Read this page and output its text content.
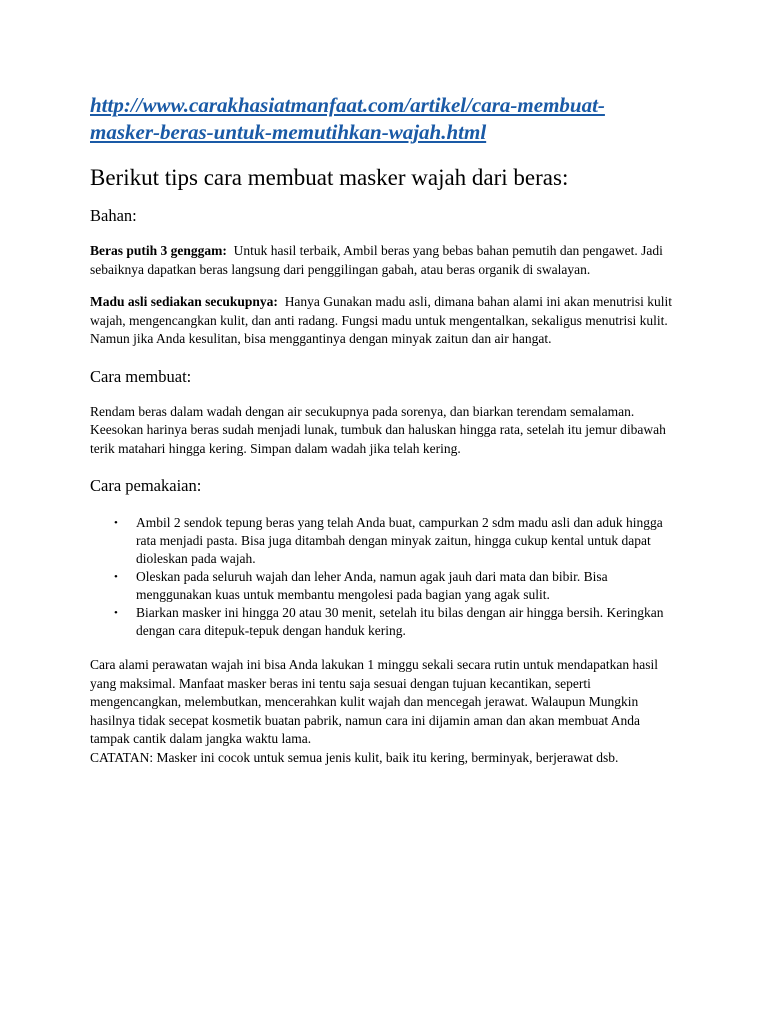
http://www.carakhasiatmanfaat.com/artikel/cara-membuat-
masker-beras-untuk-memutihkan-wajah.html
Berikut tips cara membuat masker wajah dari beras:
Bahan:

Beras putih 3 genggam:  Untuk hasil terbaik, Ambil beras yang bebas bahan pemutih dan pengawet. Jadi sebaiknya dapatkan beras langsung dari penggilingan gabah, atau beras organik di swalayan.

Madu asli sediakan secukupnya:  Hanya Gunakan madu asli, dimana bahan alami ini akan menutrisi kulit wajah, mengencangkan kulit, dan anti radang. Fungsi madu untuk mengentalkan, sekaligus menutrisi kulit. Namun jika Anda kesulitan, bisa menggantinya dengan minyak zaitun dan air hangat.

Cara membuat:

Rendam beras dalam wadah dengan air secukupnya pada sorenya, dan biarkan terendam semalaman. Keesokan harinya beras sudah menjadi lunak, tumbuk dan haluskan hingga rata, setelah itu jemur dibawah terik matahari hingga kering. Simpan dalam wadah jika telah kering.

Cara pemakaian:
• Ambil 2 sendok tepung beras yang telah Anda buat, campurkan 2 sdm madu asli dan aduk hingga rata menjadi pasta. Bisa juga ditambah dengan minyak zaitun, hingga cukup kental untuk dapat dioleskan pada wajah.
• Oleskan pada seluruh wajah dan leher Anda, namun agak jauh dari mata dan bibir. Bisa menggunakan kuas untuk membantu mengolesi pada bagian yang agak sulit.
• Biarkan masker ini hingga 20 atau 30 menit, setelah itu bilas dengan air hingga bersih. Keringkan dengan cara ditepuk-tepuk dengan handuk kering.

Cara alami perawatan wajah ini bisa Anda lakukan 1 minggu sekali secara rutin untuk mendapatkan hasil yang maksimal. Manfaat masker beras ini tentu saja sesuai dengan tujuan kecantikan, seperti mengencangkan, melembutkan, mencerahkan kulit wajah dan mencegah jerawat. Walaupun Mungkin hasilnya tidak secepat kosmetik buatan pabrik, namun cara ini dijamin aman dan akan membuat Anda tampak cantik dalam jangka waktu lama.

CATATAN: Masker ini cocok untuk semua jenis kulit, baik itu kering, berminyak, berjerawat dsb.
